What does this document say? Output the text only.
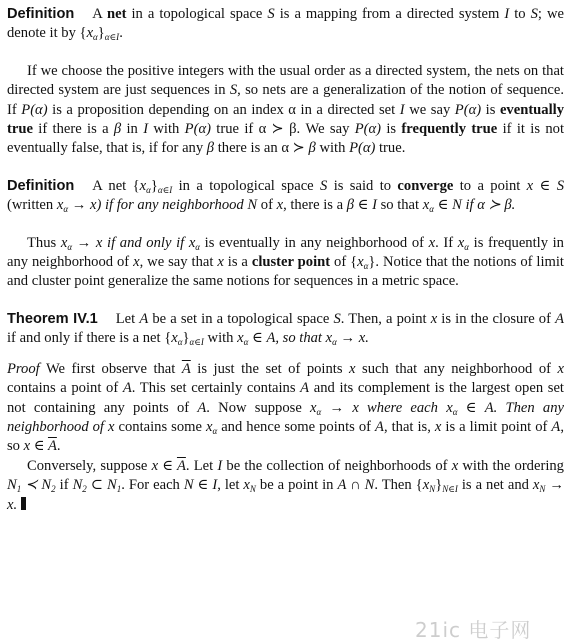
Definition A net in a topological space S is a mapping from a directed system I to S; we denote it by $\{x_\alpha\}_{\alpha\in I}$.

If we choose the positive integers with the usual order as a directed system, the nets on that directed system are just sequences in S, so nets are a generalization of the notion of sequence. If P(α) is a proposition depending on an index α in a directed set I we say P(α) is eventually true if there is a β in I with P(α) true if α ≻ β. We say P(α) is frequently true if it is not eventually false, that is, if for any β there is an α ≻ β with P(α) true.

Definition A net $\{x_\alpha\}_{\alpha\in I}$ in a topological space S is said to converge to a point x ∈ S (written $x_\alpha \to x$) if for any neighborhood N of x, there is a β ∈ I so that $x_\alpha$ ∈ N if α ≻ β.

Thus $x_\alpha \to x$ if and only if $x_\alpha$ is eventually in any neighborhood of x. If $x_\alpha$ is frequently in any neighborhood of x, we say that x is a cluster point of $\{x_\alpha\}$. Notice that the notions of limit and cluster point generalize the same notions for sequences in a metric space.

Theorem IV.1 Let A be a set in a topological space S. Then, a point x is in the closure of A if and only if there is a net $\{x_\alpha\}_{\alpha\in I}$ with $x_\alpha$ ∈ A, so that $x_\alpha \to x$.

Proof We first observe that $\overline{A}$ is just the set of points x such that any neighborhood of x contains a point of A. This set certainly contains A and its complement is the largest open set not containing any points of A. Now suppose $x_\alpha \to x$ where each $x_\alpha$ ∈ A. Then any neighborhood of x contains some $x_\alpha$ and hence some points of A, that is, x is a limit point of A, so x ∈ $\overline{A}$.

Conversely, suppose x ∈ $\overline{A}$. Let I be the collection of neighborhoods of x with the ordering $N_1$ ≺ $N_2$ if $N_2$ ⊂ $N_1$. For each N ∈ I, let $x_N$ be a point in A ∩ N. Then $\{x_N\}_{N\in I}$ is a net and $x_N \to x$.

21ic 电子网
